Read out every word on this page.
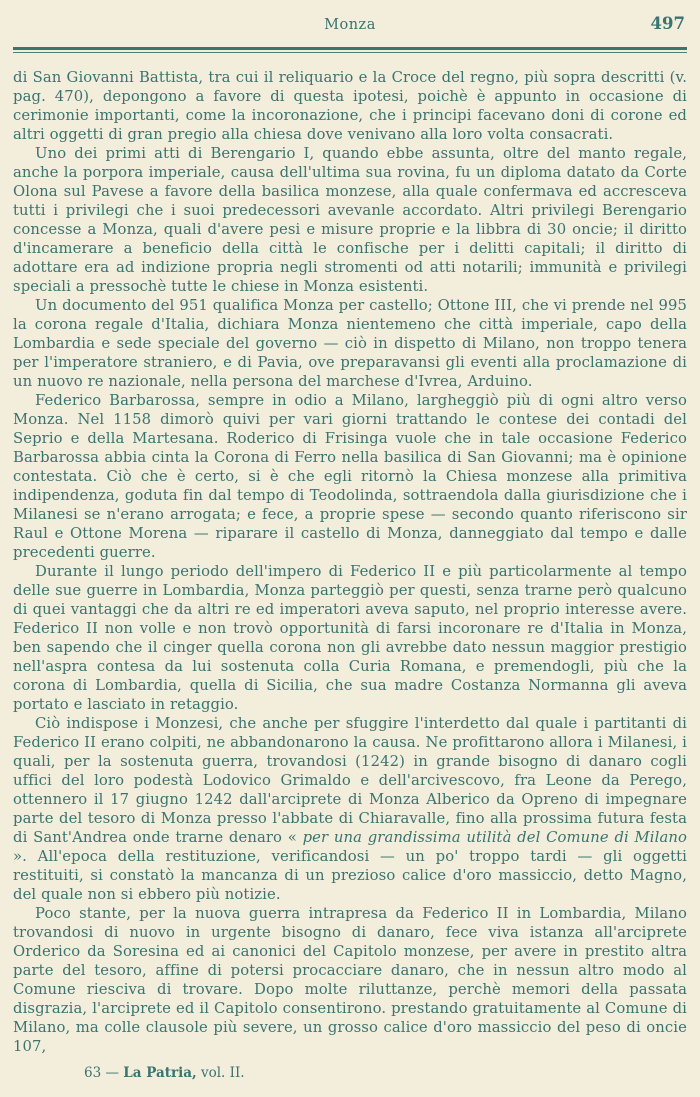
Monza	497

di San Giovanni Battista, tra cui il reliquario e la Croce del regno, più sopra descritti (v. pag. 470), depongono a favore di questa ipotesi, poichè è appunto in occasione di cerimonie importanti, come la incoronazione, che i principi facevano doni di corone ed altri oggetti di gran pregio alla chiesa dove venivano alla loro volta consacrati.

Uno dei primi atti di Berengario I, quando ebbe assunta, oltre del manto regale, anche la porpora imperiale, causa dell'ultima sua rovina, fu un diploma datato da Corte Olona sul Pavese a favore della basilica monzese, alla quale confermava ed accresceva tutti i privilegi che i suoi predecessori avevanle accordato. Altri privilegi Berengario concesse a Monza, quali d'avere pesi e misure proprie e la libbra di 30 oncie; il diritto d'incamerare a beneficio della città le confische per i delitti capitali; il diritto di adottare era ad indizione propria negli stromenti od atti notarili; immunità e privilegi speciali a pressochè tutte le chiese in Monza esistenti.

Un documento del 951 qualifica Monza per castello; Ottone III, che vi prende nel 995 la corona regale d'Italia, dichiara Monza nientemeno che città imperiale, capo della Lombardia e sede speciale del governo — ciò in dispetto di Milano, non troppo tenera per l'imperatore straniero, e di Pavia, ove preparavansi gli eventi alla proclamazione di un nuovo re nazionale, nella persona del marchese d'Ivrea, Arduino.

Federico Barbarossa, sempre in odio a Milano, largheggiò più di ogni altro verso Monza. Nel 1158 dimorò quivi per vari giorni trattando le contese dei contadi del Seprio e della Martesana. Roderico di Frisinga vuole che in tale occasione Federico Barbarossa abbia cinta la Corona di Ferro nella basilica di San Giovanni; ma è opinione contestata. Ciò che è certo, si è che egli ritornò la Chiesa monzese alla primitiva indipendenza, goduta fin dal tempo di Teodolinda, sottraendola dalla giurisdizione che i Milanesi se n'erano arrogata; e fece, a proprie spese — secondo quanto riferiscono sir Raul e Ottone Morena — riparare il castello di Monza, danneggiato dal tempo e dalle precedenti guerre.

Durante il lungo periodo dell'impero di Federico II e più particolarmente al tempo delle sue guerre in Lombardia, Monza parteggiò per questi, senza trarne però qualcuno di quei vantaggi che da altri re ed imperatori aveva saputo, nel proprio interesse avere. Federico II non volle e non trovò opportunità di farsi incoronare re d'Italia in Monza, ben sapendo che il cinger quella corona non gli avrebbe dato nessun maggior prestigio nell'aspra contesa da lui sostenuta colla Curia Romana, e premendogli, più che la corona di Lombardia, quella di Sicilia, che sua madre Costanza Normanna gli aveva portato e lasciato in retaggio.

Ciò indispose i Monzesi, che anche per sfuggire l'interdetto dal quale i partitanti di Federico II erano colpiti, ne abbandonarono la causa. Ne profittarono allora i Milanesi, i quali, per la sostenuta guerra, trovandosi (1242) in grande bisogno di danaro cogli uffici del loro podestà Lodovico Grimaldo e dell'arcivescovo, fra Leone da Perego, ottennero il 17 giugno 1242 dall'arciprete di Monza Alberico da Opreno di impegnare parte del tesoro di Monza presso l'abbate di Chiaravalle, fino alla prossima futura festa di Sant'Andrea onde trarne denaro « per una grandissima utilità del Comune di Milano ». All'epoca della restituzione, verificandosi — un po' troppo tardi — gli oggetti restituiti, si constatò la mancanza di un prezioso calice d'oro massiccio, detto Magno, del quale non si ebbero più notizie.

Poco stante, per la nuova guerra intrapresa da Federico II in Lombardia, Milano trovandosi di nuovo in urgente bisogno di danaro, fece viva istanza all'arciprete Orderico da Soresina ed ai canonici del Capitolo monzese, per avere in prestito altra parte del tesoro, affine di potersi procacciare danaro, che in nessun altro modo al Comune riesciva di trovare. Dopo molte riluttanze, perchè memori della passata disgrazia, l'arciprete ed il Capitolo consentirono. prestando gratuitamente al Comune di Milano, ma colle clausole più severe, un grosso calice d'oro massiccio del peso di oncie 107,

63 — La Patria, vol. II.
